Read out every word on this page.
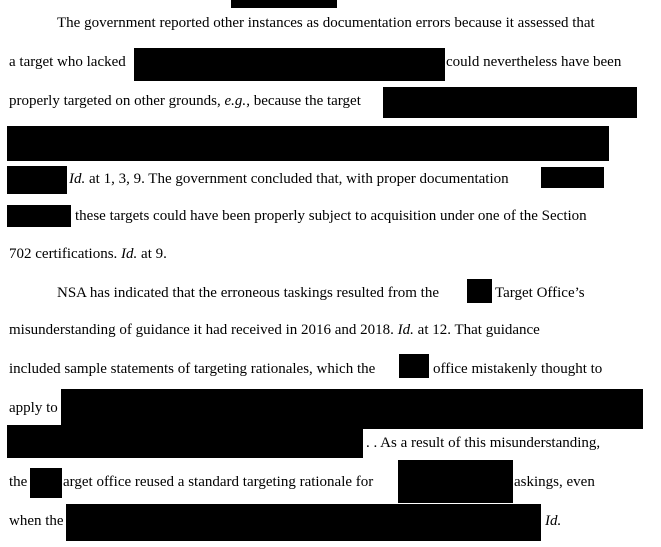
The government reported other instances as documentation errors because it assessed that
a target who lacked	could nevertheless have been
properly targeted on other grounds, e.g., because the target
Id. at 1, 3, 9. The government concluded that, with proper documentation
these targets could have been properly subject to acquisition under one of the Section
702 certifications. Id. at 9.
NSA has indicated that the erroneous taskings resulted from the	Target Office’s
misunderstanding of guidance it had received in 2016 and 2018. Id. at 12. That guidance
included sample statements of targeting rationales, which the	office mistakenly thought to
apply to
. . As a result of this misunderstanding,
the arget office reused a standard targeting rationale for	askings, even
when the	Id.
